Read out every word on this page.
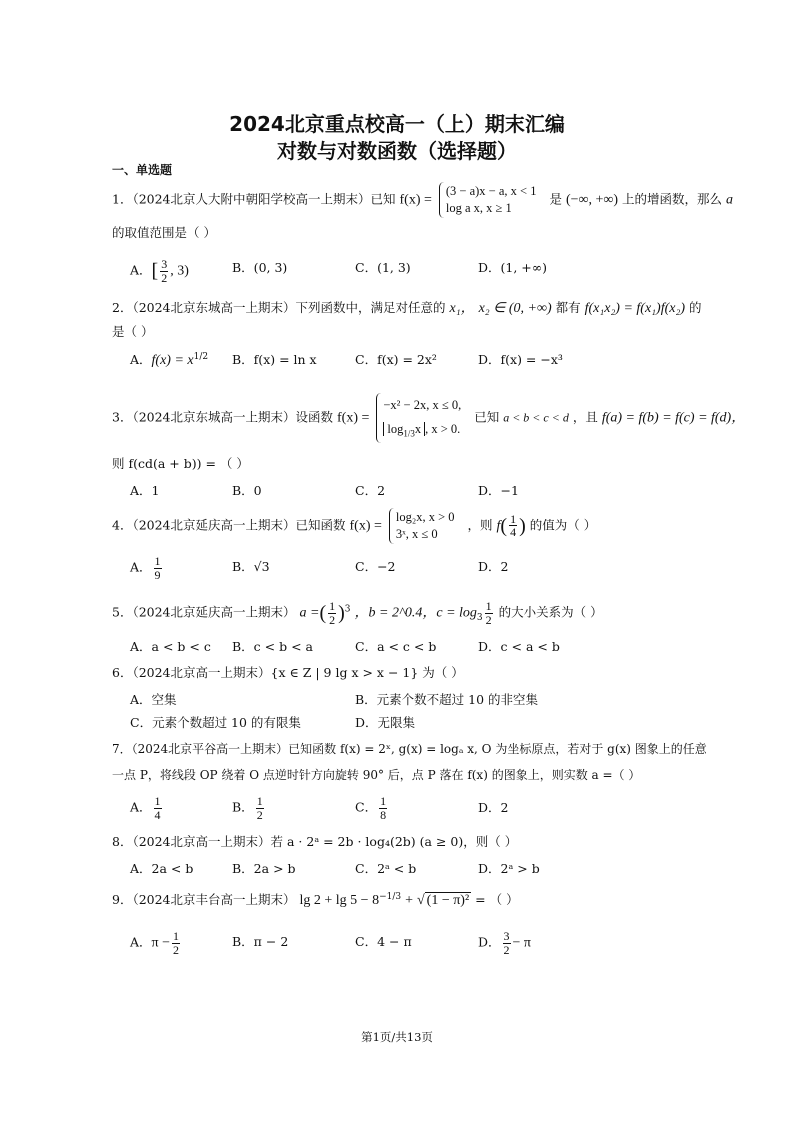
2024北京重点校高一（上）期末汇编
对数与对数函数（选择题）
一、单选题
1．（2024北京人大附中朝阳学校高一上期末）已知 f(x) =
(3 − a)x − a, x < 1
log a x, x ≥ 1
是 (−∞, +∞) 上的增函数，那么 a
的取值范围是（ ）
A．[ $\frac{3}{2}$ , 3)	B．(0, 3)	C．(1, 3)	D．(1, +∞)
2．（2024北京东城高一上期末）下列函数中，满足对任意的 x₁， x₂ ∈ (0, +∞) 都有 f(x₁x₂) = f(x₁)f(x₂) 的
是（ ）
A．$f(x) = x^{1/2}$ B．f(x) = ln x	C．f(x) = 2x²	D．f(x) = −x³
3．（2024北京东城高一上期末）设函数 f(x) =
−x² − 2x, x ≤ 0,
$\log_{1/3}x$ , x > 0.
已知 a < b < c < d ，且 f(a) = f(b) = f(c) = f(d)，
则 f(cd(a + b)) = （ ）
A．1	B．0	C．2	D．−1
4．（2024北京延庆高一上期末）已知函数 f(x) =
log₂x, x > 0
3ˣ, x ≤ 0
，则 $f( \frac{1}{4}$ ) 的值为（ ）
A． $\frac{1}{9}$	B．√3	C．−2	D．2
5．（2024北京延庆高一上期末） a =( $\frac{1}{2} )^3$ ，b = 2^0.4，$c = \log_3 \frac{1}{2}$ 的大小关系为（ ）
A．a < b < c B．c < b < a	C．a < c < b	D．c < a < b
6．（2024北京高一上期末）{x ∈ Z | 9 lg x > x − 1} 为（ ）
A．空集	B．元素个数不超过 10 的非空集
C．元素个数超过 10 的有限集	D．无限集
7．（2024北京平谷高一上期末）已知函数 f(x) = 2ˣ, g(x) = logₐ x, O 为坐标原点，若对于 g(x) 图象上的任意
一点 P，将线段 OP 绕着 O 点逆时针方向旋转 90° 后，点 P 落在 f(x) 的图象上，则实数 a =（ ）
A． $\frac{1}{4}$	B． $\frac{1}{2}$	C． $\frac{1}{8}$	D．2
8．（2024北京高一上期末）若 a · 2ᵃ = 2b · log₄(2b) (a ≥ 0)，则（ ）
A．2a < b	B．2a > b	C．2ᵃ < b	D．2ᵃ > b
9．（2024北京丰台高一上期末） $\lg 2 + \lg 5 - 8^{-1/3}$ + √ (1 − π)² = （ ）
A．$\pi - \frac{1}{2}$	B．π − 2	C．4 − π	D． $\frac{3}{2} - \pi$
第1页/共13页
